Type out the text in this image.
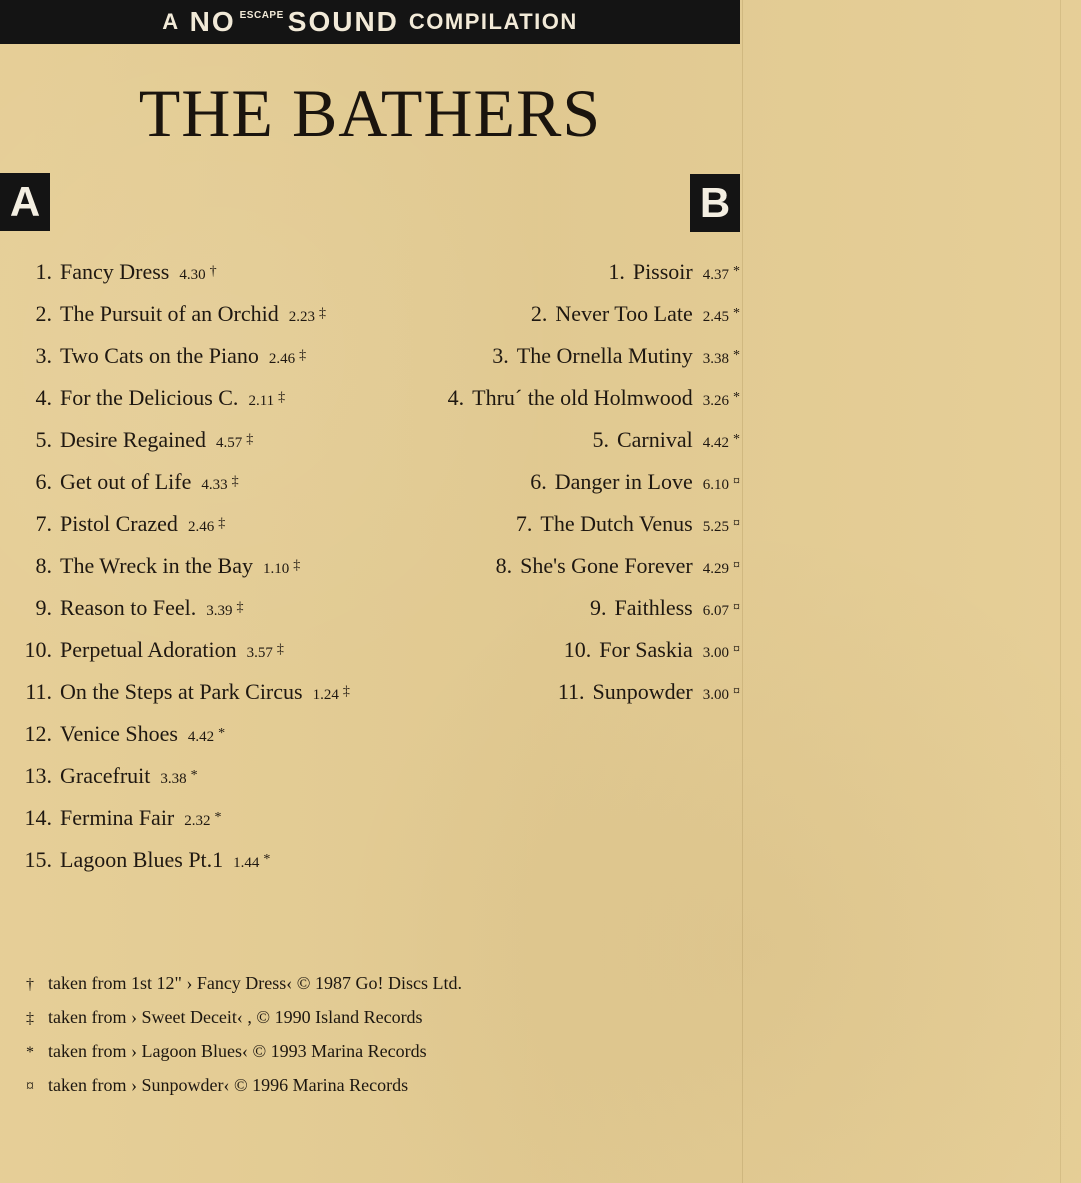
A NO ESCAPE SOUND COMPILATION
THE BATHERS
A	B
1. Fancy Dress 4.30 †
2. The Pursuit of an Orchid 2.23 ‡
3. Two Cats on the Piano 2.46 ‡
4. For the Delicious C. 2.11 ‡
5. Desire Regained 4.57 ‡
6. Get out of Life 4.33 ‡
7. Pistol Crazed 2.46 ‡
8. The Wreck in the Bay 1.10 ‡
9. Reason to Feel. 3.39 ‡
10. Perpetual Adoration 3.57 ‡
11. On the Steps at Park Circus 1.24 ‡
12. Venice Shoes 4.42 *
13. Gracefruit 3.38 *
14. Fermina Fair 2.32 *
15. Lagoon Blues Pt.1 1.44 *
1. Pissoir 4.37 *
2. Never Too Late 2.45 *
3. The Ornella Mutiny 3.38 *
4. Thru´ the old Holmwood 3.26 *
5. Carnival 4.42 *
6. Danger in Love 6.10 ¤
7. The Dutch Venus 5.25 ¤
8. She's Gone Forever 4.29 ¤
9. Faithless 6.07 ¤
10. For Saskia 3.00 ¤
11. Sunpowder 3.00 ¤
† taken from 1st 12" › Fancy Dress‹ © 1987 Go! Discs Ltd.
‡ taken from › Sweet Deceit‹ , © 1990 Island Records
* taken from › Lagoon Blues‹ © 1993 Marina Records
¤ taken from › Sunpowder‹ © 1996 Marina Records
